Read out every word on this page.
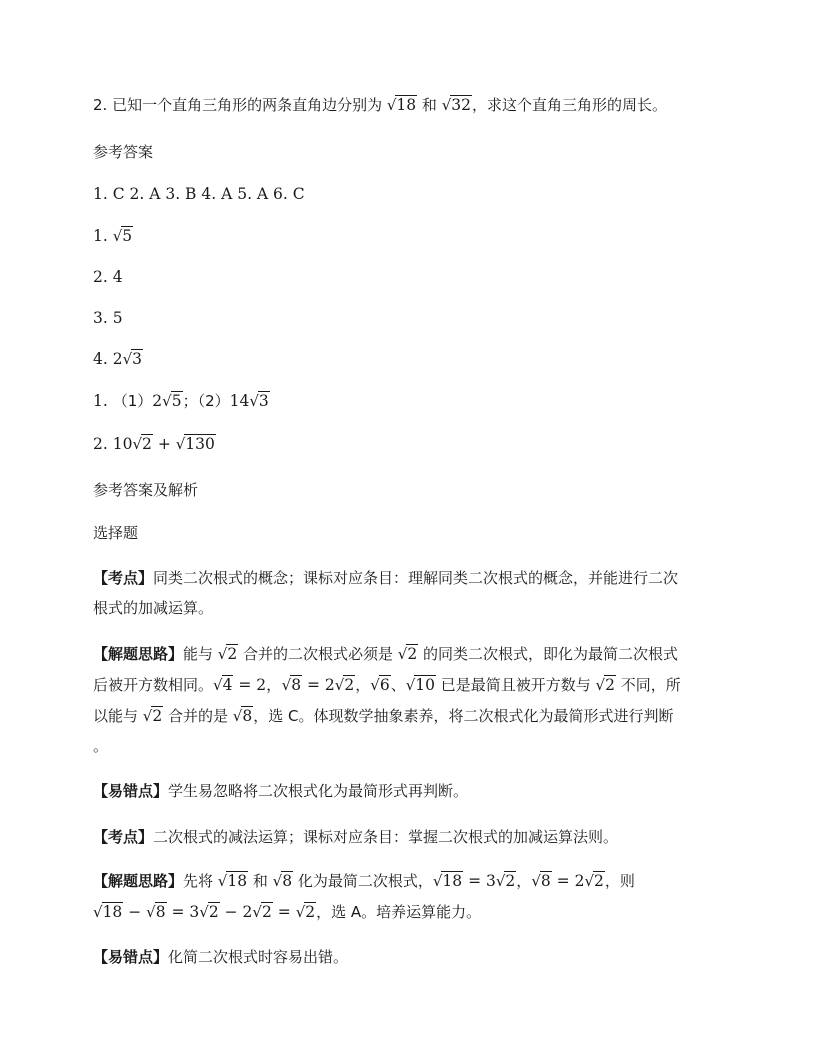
2. 已知一个直角三角形的两条直角边分别为 √18 和 √32，求这个直角三角形的周长。
参考答案
1. C 2. A 3. B 4. A 5. A 6. C
1. √5
2. 4
3. 5
4. 2√3
1. （1）2√5；（2）14√3
2. 10√2 + √130
参考答案及解析
选择题
【考点】同类二次根式的概念；课标对应条目：理解同类二次根式的概念，并能进行二次
根式的加减运算。
【解题思路】能与 √2 合并的二次根式必须是 √2 的同类二次根式，即化为最简二次根式
后被开方数相同。√4 = 2，√8 = 2√2，√6、√10 已是最简且被开方数与 √2 不同，所
以能与 √2 合并的是 √8，选 C。体现数学抽象素养，将二次根式化为最简形式进行判断
。
【易错点】学生易忽略将二次根式化为最简形式再判断。
【考点】二次根式的减法运算；课标对应条目：掌握二次根式的加减运算法则。
【解题思路】先将 √18 和 √8 化为最简二次根式，√18 = 3√2，√8 = 2√2，则
√18 − √8 = 3√2 − 2√2 = √2，选 A。培养运算能力。
【易错点】化简二次根式时容易出错。
